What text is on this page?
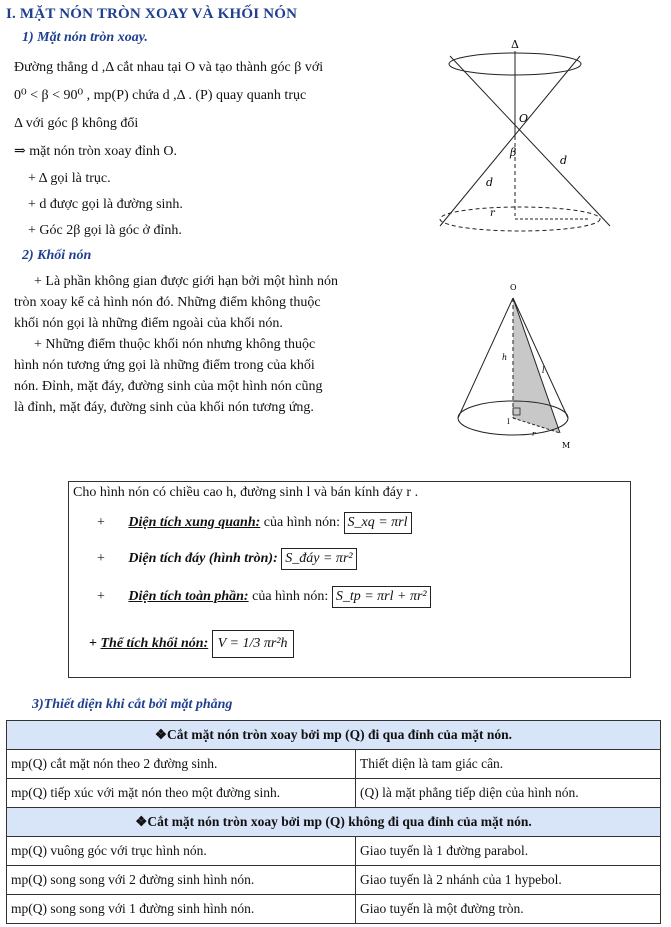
I. MẶT NÓN TRÒN XOAY VÀ KHỐI NÓN
1) Mặt nón tròn xoay.
Đường thẳng d ,Δ cắt nhau tại O và tạo thành góc β với
0⁰ < β < 90⁰ , mp(P) chứa d ,Δ . (P) quay quanh trục
Δ với góc β không đổi
⇒ mặt nón tròn xoay đỉnh O.
+ Δ gọi là trục.
+ d được gọi là đường sinh.
+ Góc 2β gọi là góc ở đỉnh.
Δ
O
β
d
d
r
2) Khối nón
+ Là phần không gian được giới hạn bởi một hình nón
tròn xoay kể cả hình nón đó. Những điểm không thuộc
khối nón gọi là những điểm ngoài của khối nón.
+ Những điểm thuộc khối nón nhưng không thuộc
hình nón tương ứng gọi là những điểm trong của khối
nón. Đỉnh, mặt đáy, đường sinh của một hình nón cũng
là đỉnh, mặt đáy, đường sinh của khối nón tương ứng.
O
h
l
r
I
M
Cho hình nón có chiều cao h, đường sinh l và bán kính đáy r .
+ Diện tích xung quanh: của hình nón: S_xq = πrl
+ Diện tích đáy (hình tròn): S_đáy = πr²
+ Diện tích toàn phần: của hình nón: S_tp = πrl + πr²
+ Thể tích khối nón: V = 1/3 πr²h
3)Thiết diện khi cắt bởi mặt phẳng
❖Cắt mặt nón tròn xoay bởi mp (Q) đi qua đỉnh của mặt nón.	
mp(Q) cắt mặt nón theo 2 đường sinh.	Thiết diện là tam giác cân.
mp(Q) tiếp xúc với mặt nón theo một đường sinh.	(Q) là mặt phẳng tiếp diện của hình nón.
❖Cắt mặt nón tròn xoay bởi mp (Q) không đi qua đỉnh của mặt nón.	
mp(Q) vuông góc với trục hình nón.	Giao tuyến là 1 đường parabol.
mp(Q) song song với 2 đường sinh hình nón.	Giao tuyến là 2 nhánh của 1 hypebol.
mp(Q) song song với 1 đường sinh hình nón.	Giao tuyến là một đường tròn.
